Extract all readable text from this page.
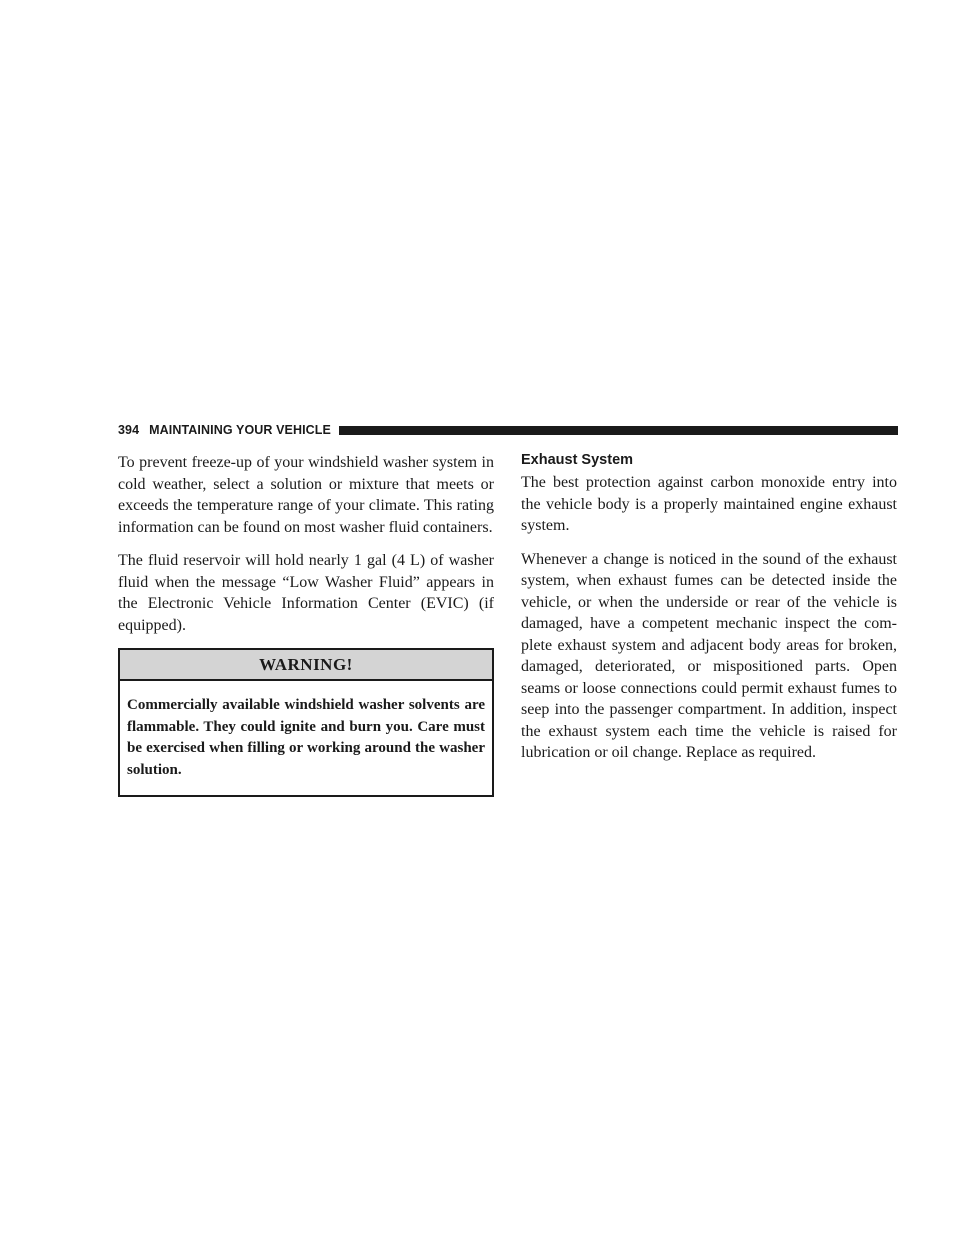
394 MAINTAINING YOUR VEHICLE

To prevent freeze-up of your windshield washer system in cold weather, select a solution or mixture that meets or exceeds the temperature range of your climate. This rating information can be found on most washer fluid containers.

The fluid reservoir will hold nearly 1 gal (4 L) of washer fluid when the message “Low Washer Fluid” appears in the Electronic Vehicle Information Center (EVIC) (if equipped).

WARNING!

Commercially available windshield washer solvents are flammable. They could ignite and burn you. Care must be exercised when filling or working around the washer solution.

Exhaust System

The best protection against carbon monoxide entry into the vehicle body is a properly maintained engine exhaust system.

Whenever a change is noticed in the sound of the exhaust system, when exhaust fumes can be detected inside the vehicle, or when the underside or rear of the vehicle is damaged, have a competent mechanic inspect the com-plete exhaust system and adjacent body areas for broken, damaged, deteriorated, or mispositioned parts. Open seams or loose connections could permit exhaust fumes to seep into the passenger compartment. In addition, inspect the exhaust system each time the vehicle is raised for lubrication or oil change. Replace as required.
